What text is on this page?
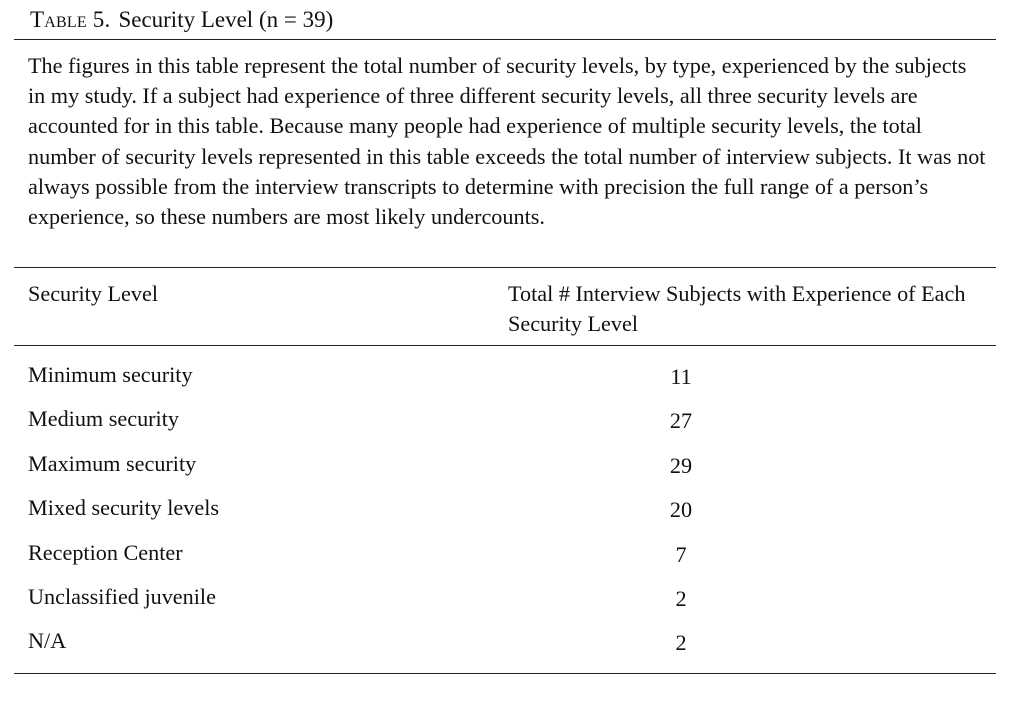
Table 5. Security Level (n = 39)
The figures in this table represent the total number of security levels, by type, experienced by the subjects in my study. If a subject had experience of three different security levels, all three security levels are accounted for in this table. Because many people had experience of multiple security levels, the total number of security levels represented in this table exceeds the total number of interview subjects. It was not always possible from the interview transcripts to determine with precision the full range of a person’s experience, so these numbers are most likely undercounts.
Security Level	Total # Interview Subjects with Experience of Each Security Level
Minimum security	11
Medium security	27
Maximum security	29
Mixed security levels	20
Reception Center	7
Unclassified juvenile	2
N/A	2
